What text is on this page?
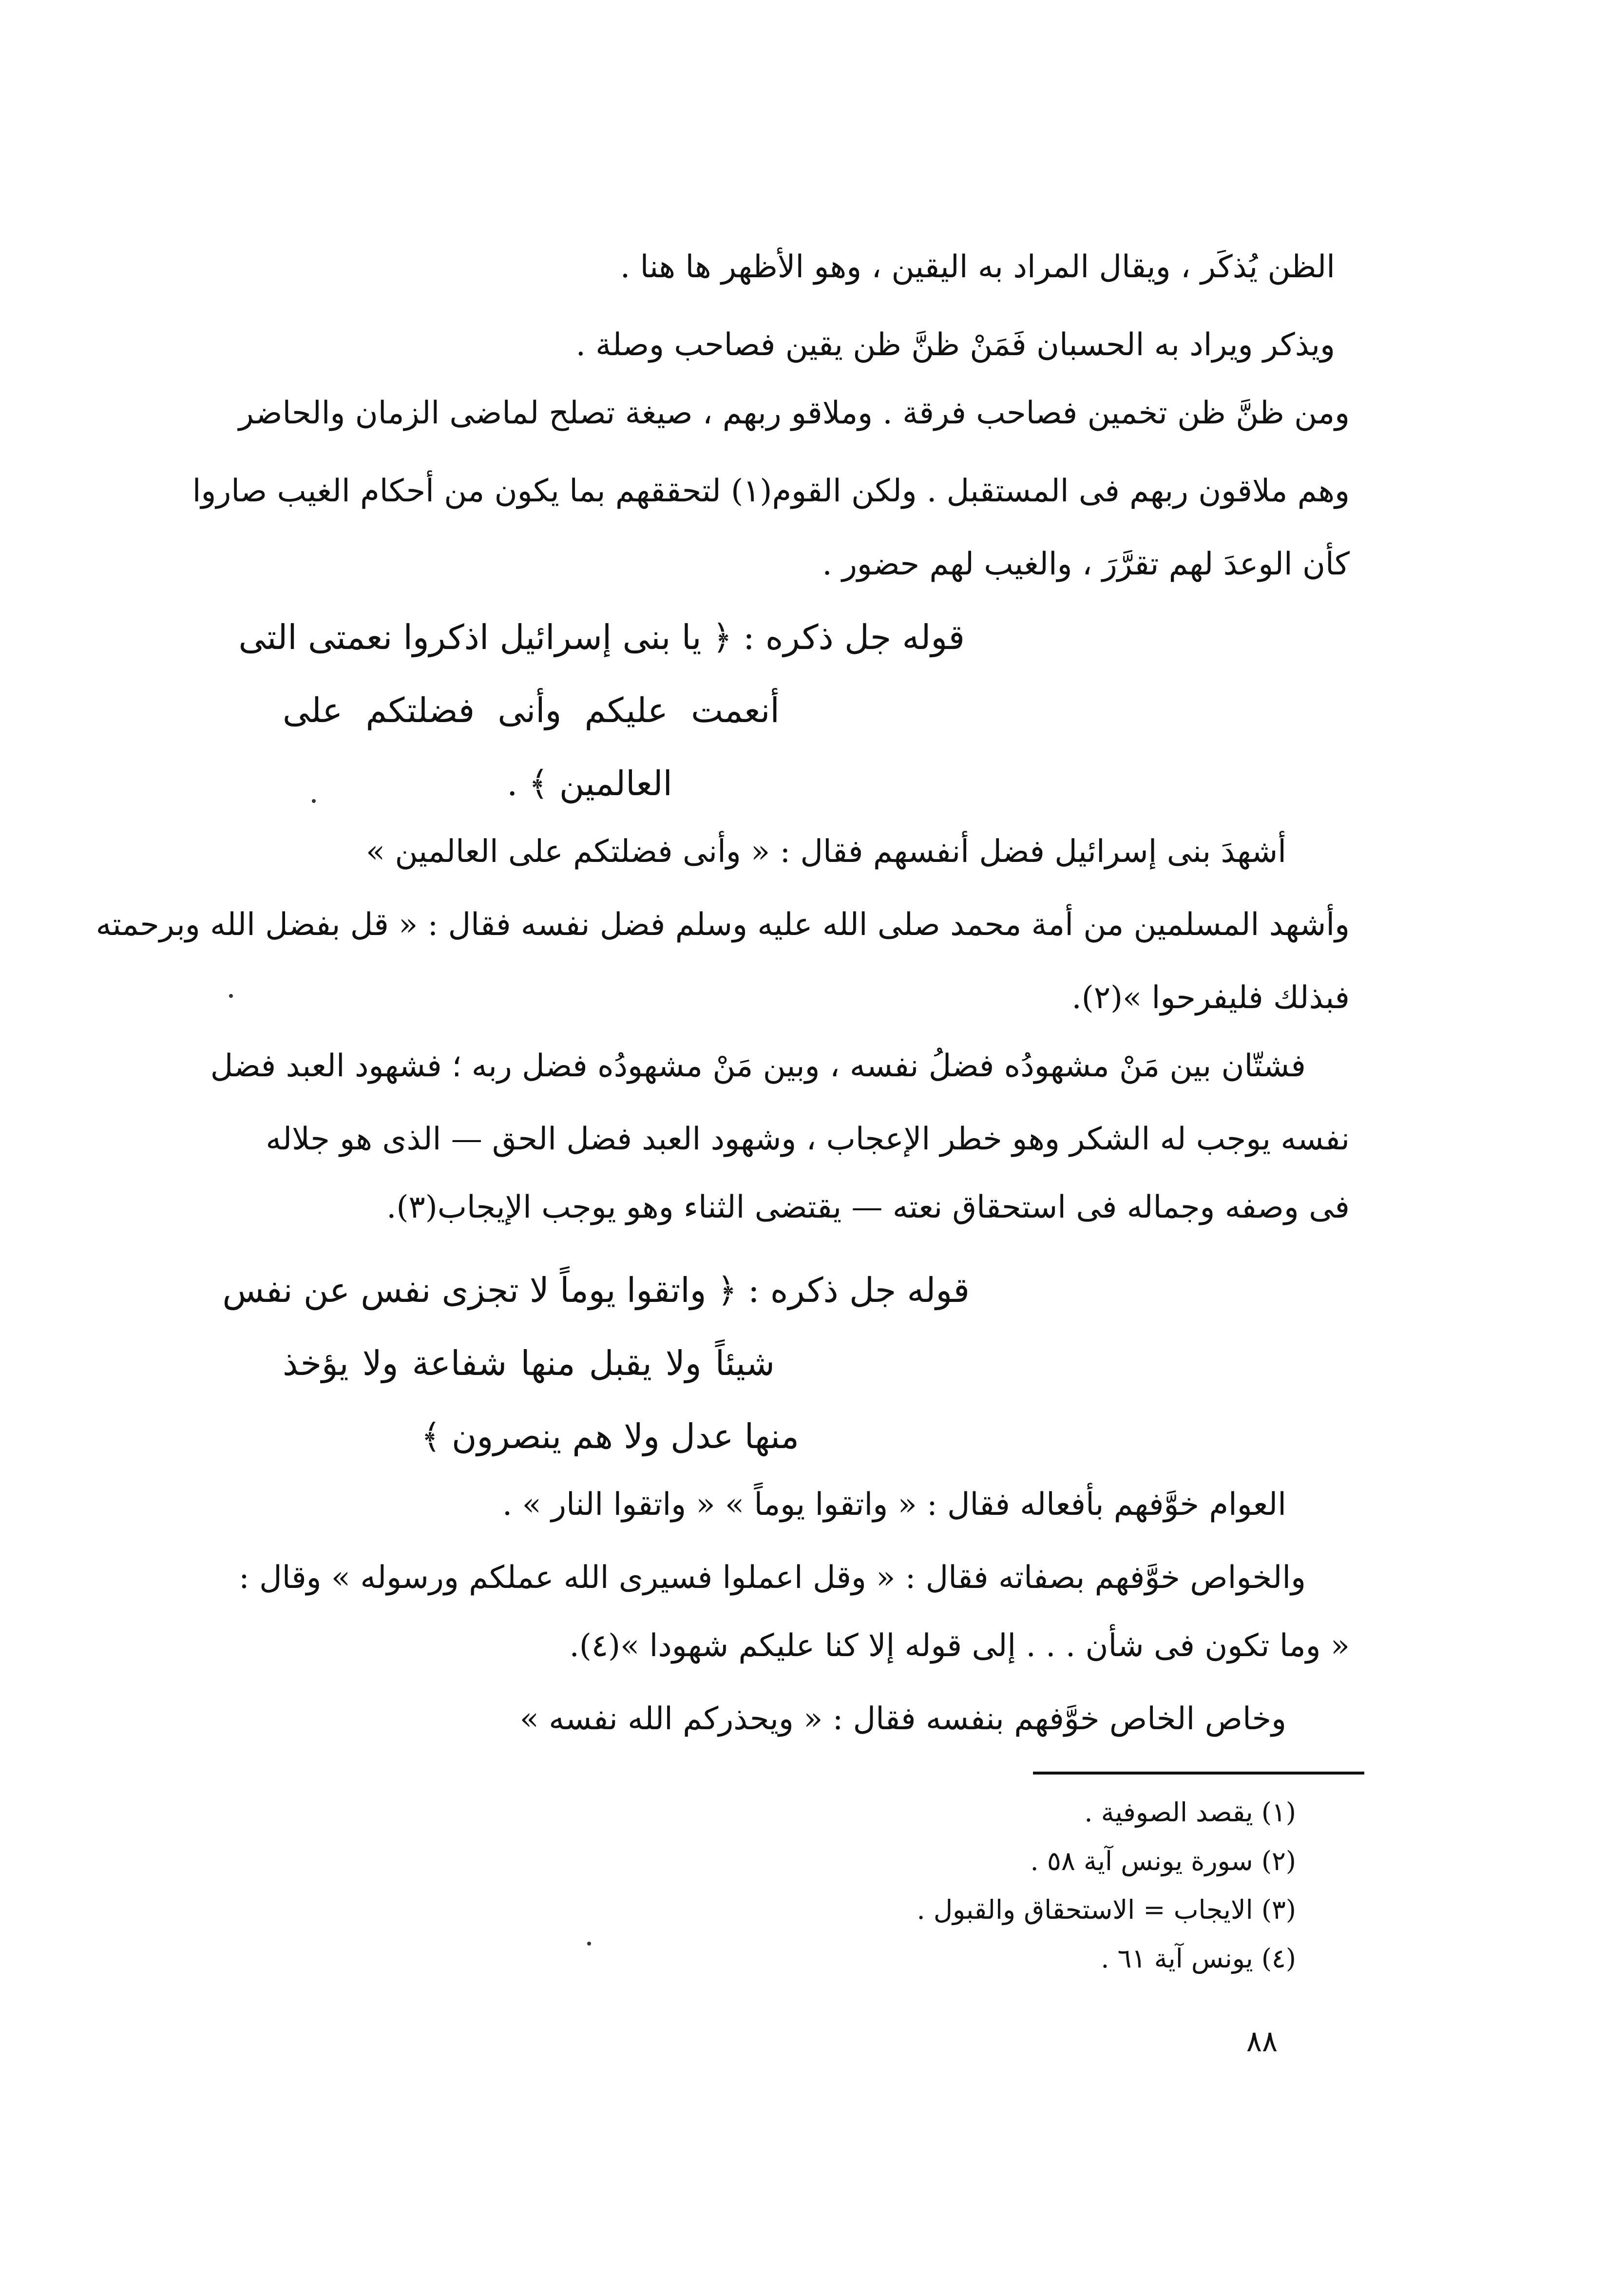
الظن يُذكَر ، ويقال المراد به اليقين ، وهو الأظهر ها هنا .
ويذكر ويراد به الحسبان فَمَنْ ظنَّ ظن يقين فصاحب وصلة .
ومن ظنَّ ظن تخمين فصاحب فرقة . وملاقو ربهم ، صيغة تصلح لماضى الزمان والحاضر
وهم ملاقون ربهم فى المستقبل . ولكن القوم(١) لتحققهم بما يكون من أحكام الغيب صاروا
كأن الوعدَ لهم تقرَّرَ ، والغيب لهم حضور .
قوله جل ذكره : ﴿ يا بنى إسرائيل اذكروا نعمتى التى
أنعمت عليكم وأنى فضلتكم على
العالمين ﴾ .
أشهدَ بنى إسرائيل فضل أنفسهم فقال : « وأنى فضلتكم على العالمين »
وأشهد المسلمين من أمة محمد صلى الله عليه وسلم فضل نفسه فقال : « قل بفضل الله وبرحمته
فبذلك فليفرحوا »(٢).
فشتّان بين مَنْ مشهودُه فضلُ نفسه ، وبين مَنْ مشهودُه فضل ربه ؛ فشهود العبد فضل
نفسه يوجب له الشكر وهو خطر الإعجاب ، وشهود العبد فضل الحق — الذى هو جلاله
فى وصفه وجماله فى استحقاق نعته — يقتضى الثناء وهو يوجب الإيجاب(٣).
قوله جل ذكره : ﴿ واتقوا يوماً لا تجزى نفس عن نفس
شيئاً ولا يقبل منها شفاعة ولا يؤخذ
منها عدل ولا هم ينصرون ﴾
العوام خوَّفهم بأفعاله فقال : « واتقوا يوماً » « واتقوا النار » .
والخواص خوَّفهم بصفاته فقال : « وقل اعملوا فسيرى الله عملكم ورسوله » وقال :
« وما تكون فى شأن . . . إلى قوله إلا كنا عليكم شهودا »(٤).
وخاص الخاص خوَّفهم بنفسه فقال : « ويحذركم الله نفسه »
(١) يقصد الصوفية .
(٢) سورة يونس آية ٥٨ .
(٣) الايجاب = الاستحقاق والقبول .
(٤) يونس آية ٦١ .
٨٨
